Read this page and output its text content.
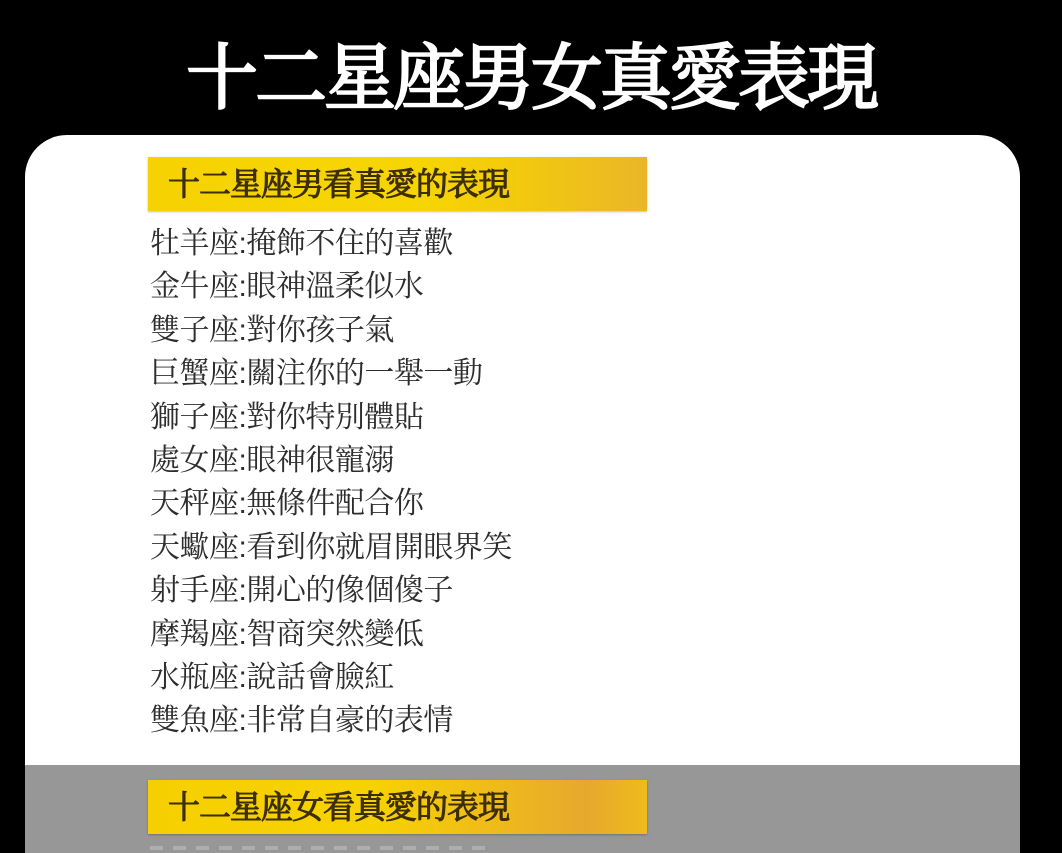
十二星座男女真愛表現
十二星座男看真愛的表現
牡羊座:掩飾不住的喜歡
金牛座:眼神溫柔似水
雙子座:對你孩子氣
巨蟹座:關注你的一舉一動
獅子座:對你特別體貼
處女座:眼神很寵溺
天秤座:無條件配合你
天蠍座:看到你就眉開眼界笑
射手座:開心的像個傻子
摩羯座:智商突然變低
水瓶座:說話會臉紅
雙魚座:非常自豪的表情
十二星座女看真愛的表現
